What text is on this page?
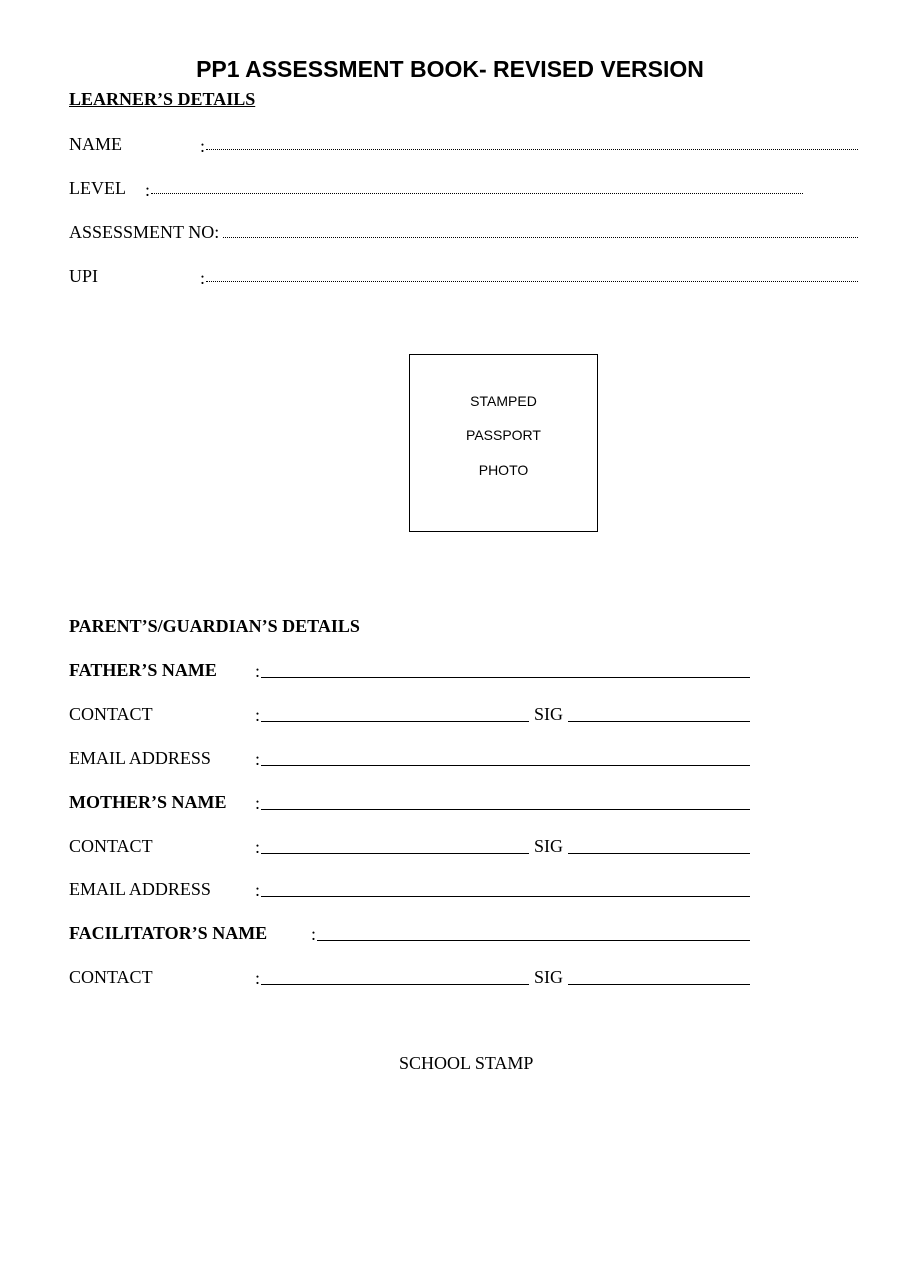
PP1 ASSESSMENT BOOK- REVISED VERSION
LEARNER’S DETAILS
NAME	:
LEVEL :
ASSESSMENT NO:
UPI	:
STAMPED
PASSPORT
PHOTO
PARENT’S/GUARDIAN’S DETAILS
FATHER’S NAME :
CONTACT	:	SIG
EMAIL ADDRESS :
MOTHER’S NAME :
CONTACT	:	SIG
EMAIL ADDRESS :
FACILITATOR’S NAME :
CONTACT	:	SIG
SCHOOL STAMP
